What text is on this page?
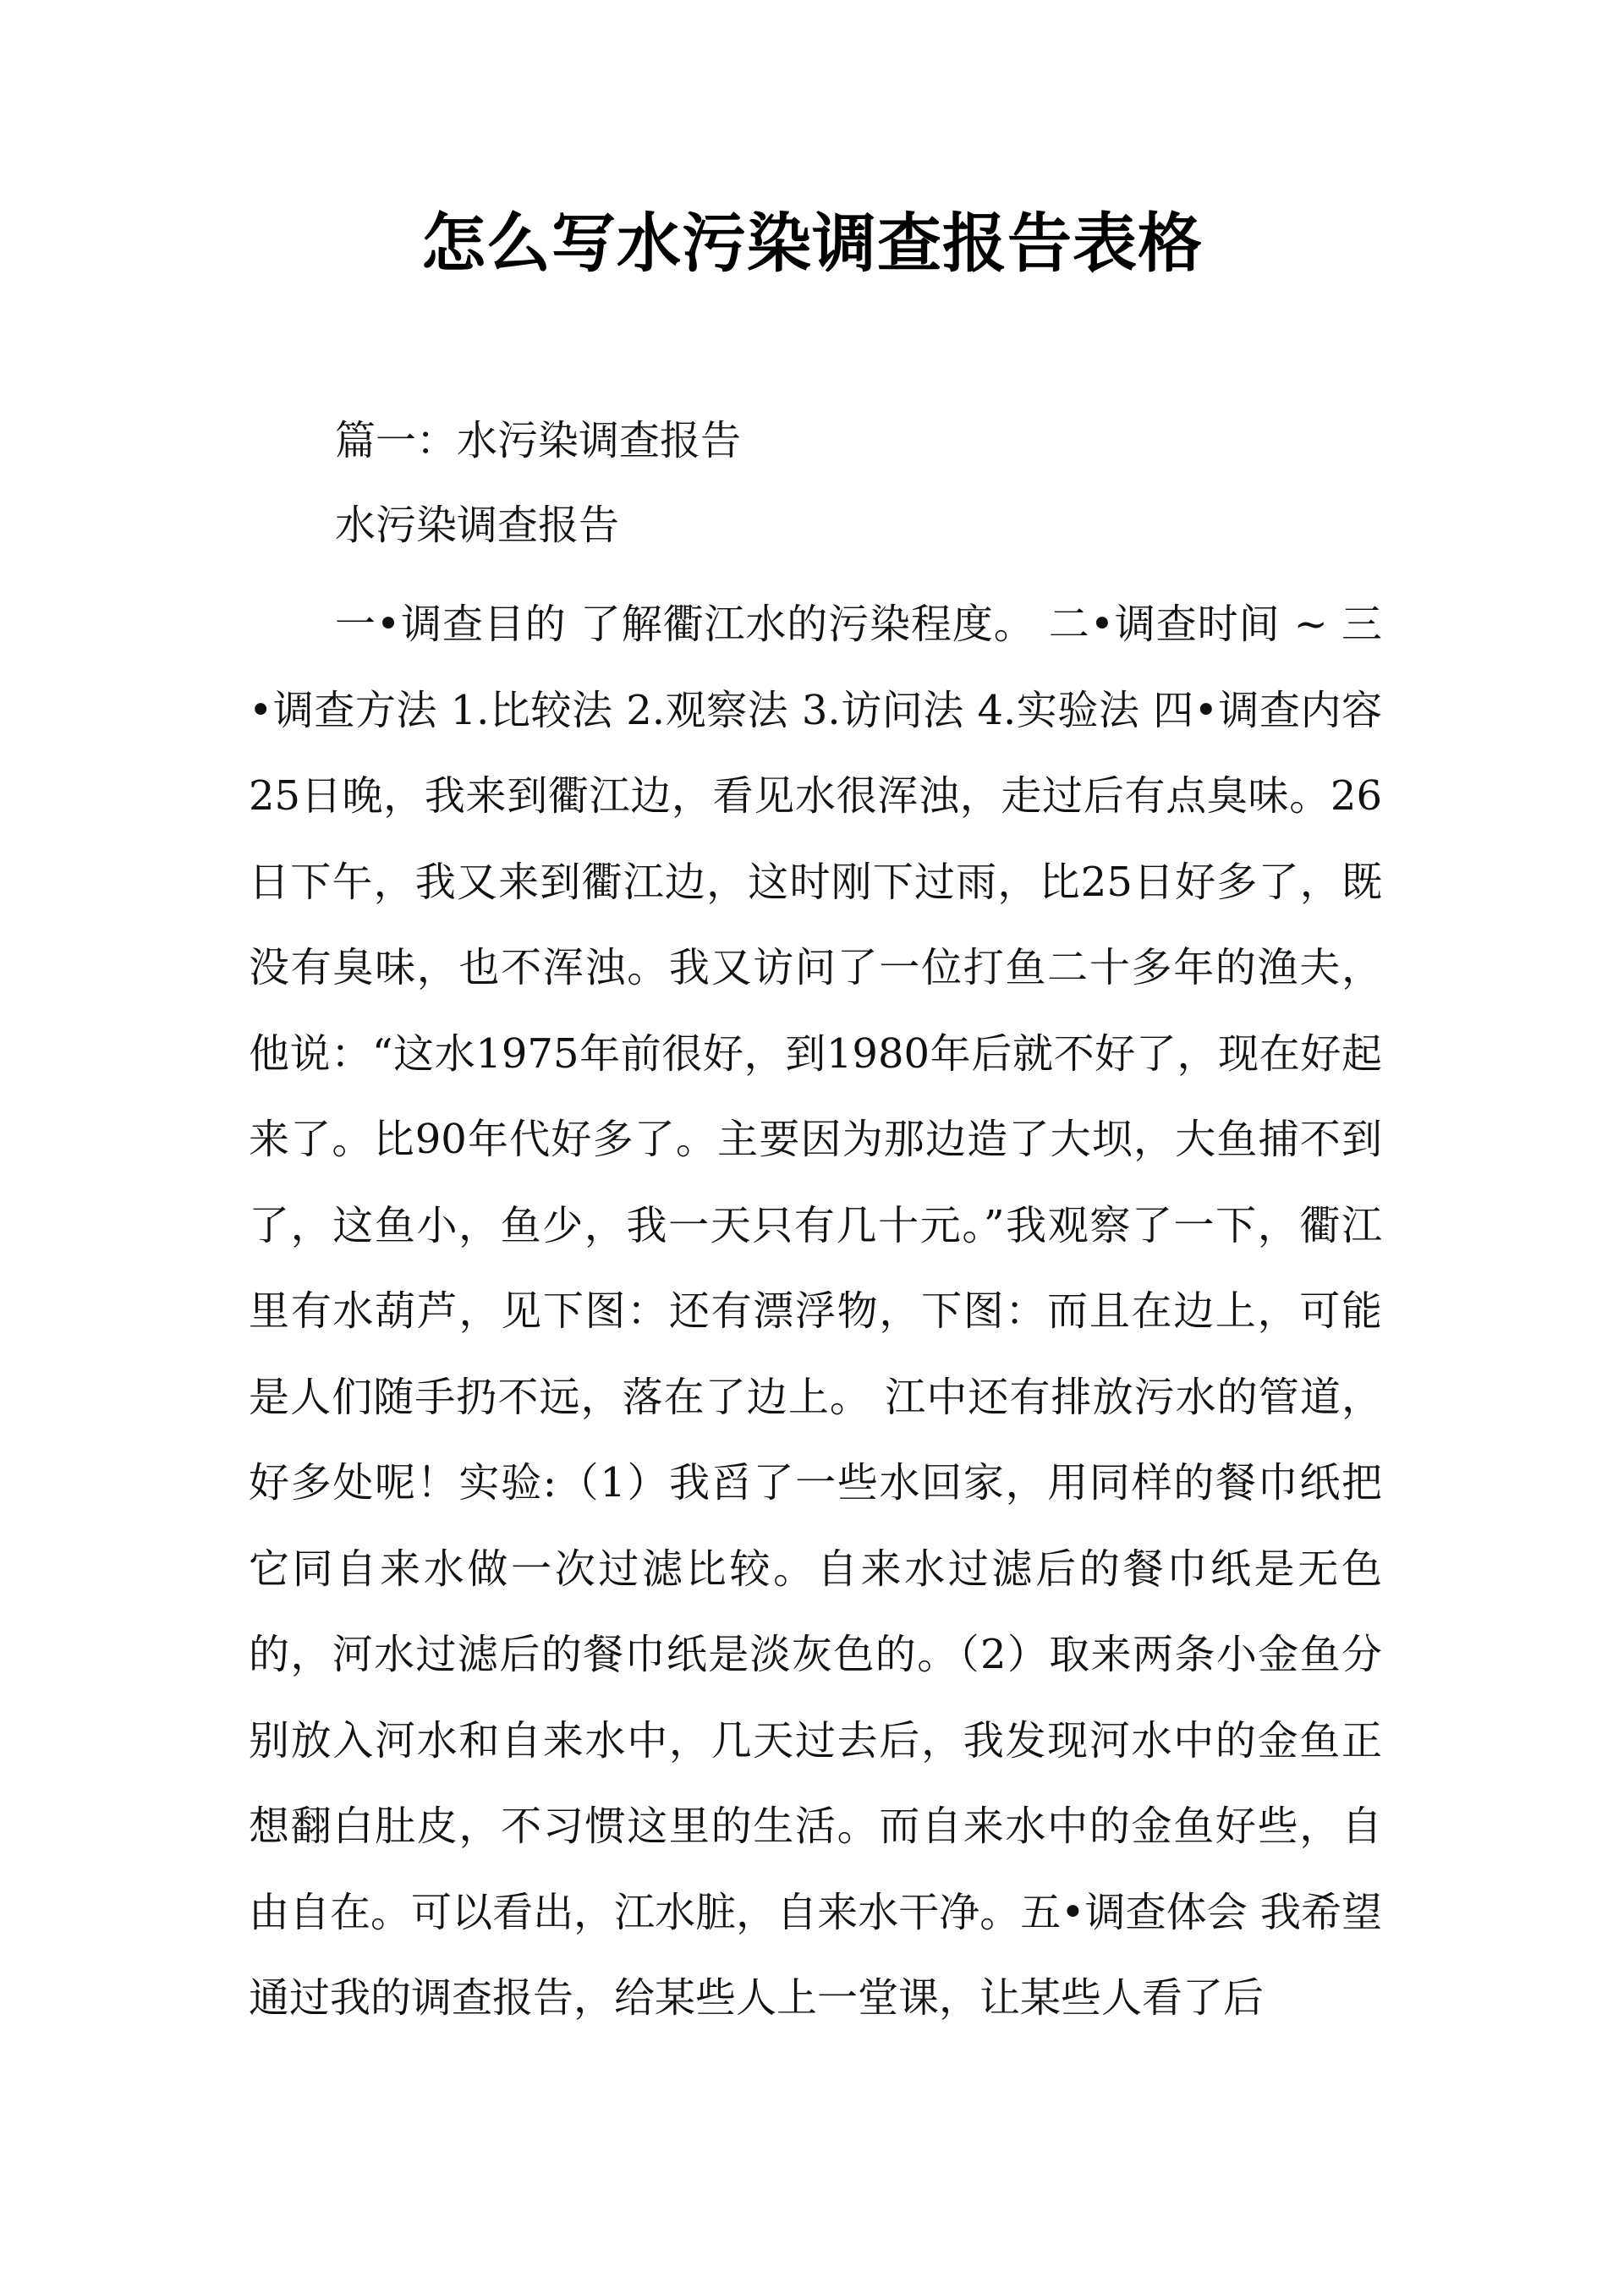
怎么写水污染调查报告表格
篇一：水污染调查报告
水污染调查报告
一•调查目的 了解衢江水的污染程度。 二•调查时间 ~ 三•调查方法 1.比较法 2.观察法 3.访问法 4.实验法 四•调查内容25日晚，我来到衢江边，看见水很浑浊，走过后有点臭味。26日下午，我又来到衢江边，这时刚下过雨，比25日好多了，既没有臭味，也不浑浊。我又访问了一位打鱼二十多年的渔夫，他说：“这水1975年前很好，到1980年后就不好了，现在好起来了。比90年代好多了。主要因为那边造了大坝，大鱼捕不到了，这鱼小，鱼少，我一天只有几十元。”我观察了一下，衢江里有水葫芦，见下图：还有漂浮物，下图：而且在边上，可能是人们随手扔不远，落在了边上。 江中还有排放污水的管道，好多处呢！实验:（1）我舀了一些水回家，用同样的餐巾纸把它同自来水做一次过滤比较。自来水过滤后的餐巾纸是无色的，河水过滤后的餐巾纸是淡灰色的。（2）取来两条小金鱼分别放入河水和自来水中，几天过去后，我发现河水中的金鱼正想翻白肚皮，不习惯这里的生活。而自来水中的金鱼好些，自由自在。可以看出，江水脏，自来水干净。五•调查体会 我希望通过我的调查报告，给某些人上一堂课，让某些人看了后
